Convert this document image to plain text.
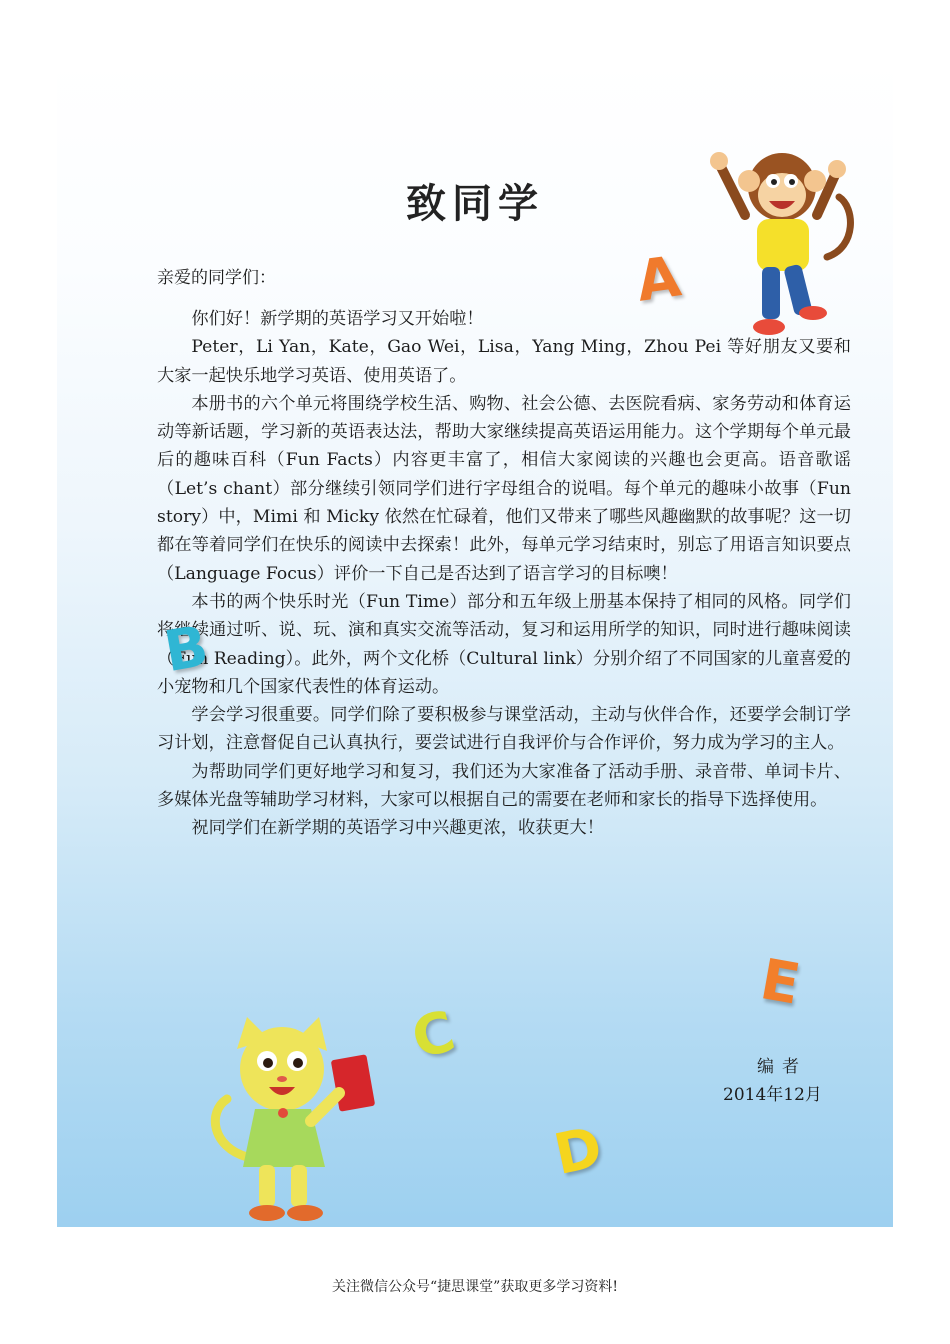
致同学
亲爱的同学们：

你们好！新学期的英语学习又开始啦！

Peter，Li Yan，Kate，Gao Wei，Lisa，Yang Ming，Zhou Pei 等好朋友又要和大家一起快乐地学习英语、使用英语了。

本册书的六个单元将围绕学校生活、购物、社会公德、去医院看病、家务劳动和体育运动等新话题，学习新的英语表达法，帮助大家继续提高英语运用能力。这个学期每个单元最后的趣味百科（Fun Facts）内容更丰富了，相信大家阅读的兴趣也会更高。语音歌谣（Let’s chant）部分继续引领同学们进行字母组合的说唱。每个单元的趣味小故事（Fun story）中，Mimi 和 Micky 依然在忙碌着，他们又带来了哪些风趣幽默的故事呢？这一切都在等着同学们在快乐的阅读中去探索！此外，每单元学习结束时，别忘了用语言知识要点（Language Focus）评价一下自己是否达到了语言学习的目标噢！

本书的两个快乐时光（Fun Time）部分和五年级上册基本保持了相同的风格。同学们将继续通过听、说、玩、演和真实交流等活动，复习和运用所学的知识，同时进行趣味阅读（Fun Reading）。此外，两个文化桥（Cultural link）分别介绍了不同国家的儿童喜爱的小宠物和几个国家代表性的体育运动。

学会学习很重要。同学们除了要积极参与课堂活动，主动与伙伴合作，还要学会制订学习计划，注意督促自己认真执行，要尝试进行自我评价与合作评价，努力成为学习的主人。

为帮助同学们更好地学习和复习，我们还为大家准备了活动手册、录音带、单词卡片、多媒体光盘等辅助学习材料，大家可以根据自己的需要在老师和家长的指导下选择使用。

祝同学们在新学期的英语学习中兴趣更浓，收获更大！

编者
2014年12月
A
B
C
D
E
关注微信公众号“捷思课堂”获取更多学习资料!
